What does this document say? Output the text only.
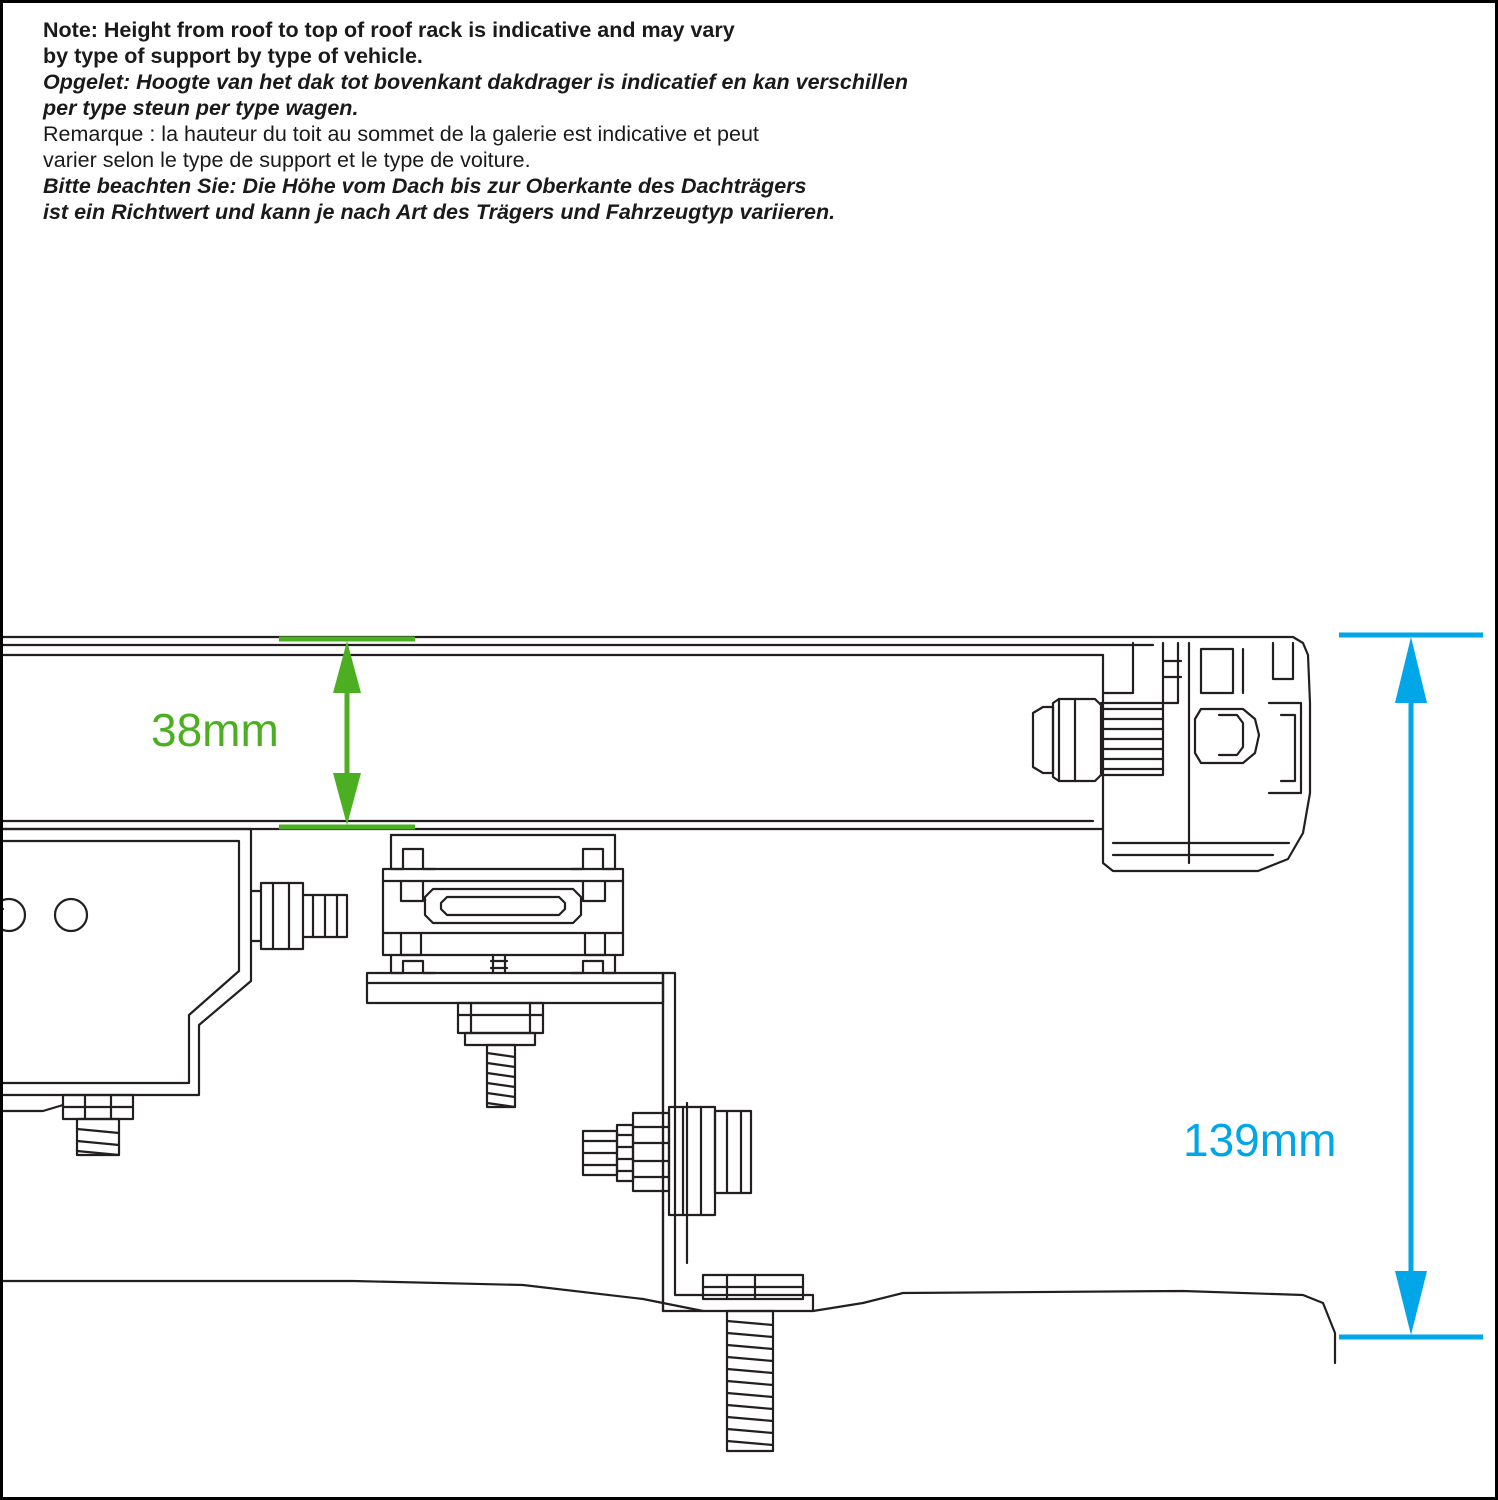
Note: Height from roof to top of roof rack is indicative and may vary
by type of support by type of vehicle.
Opgelet: Hoogte van het dak tot bovenkant dakdrager is indicatief en kan verschillen
per type steun per type wagen.
Remarque : la hauteur du toit au sommet de la galerie est indicative et peut
varier selon le type de support et le type de voiture.
Bitte beachten Sie: Die Höhe vom Dach bis zur Oberkante des Dachträgers
ist ein Richtwert und kann je nach Art des Trägers und Fahrzeugtyp variieren.
38mm
139mm
